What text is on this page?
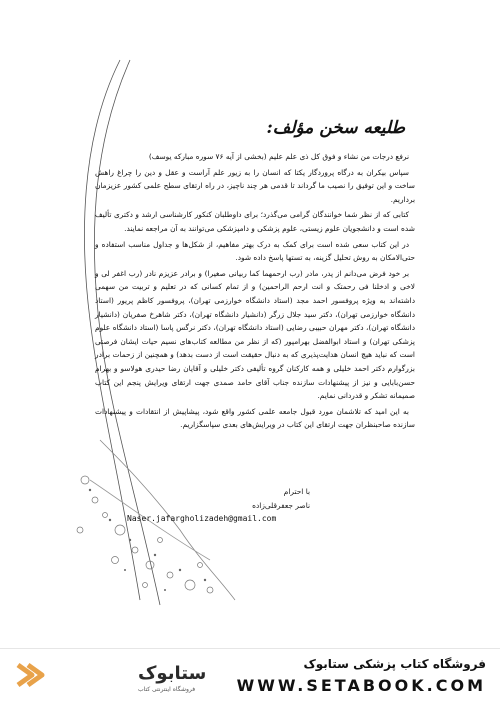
طلیعه سخن مؤلف:

نرفع درجات من نشاء و فوق کل ذی علم علیم (بخشی از آیه ۷۶ سوره مبارکه یوسف)

سپاس بیکران به درگاه پروردگار یکتا که انسان را به زیور علم آراست و عقل و دین را چراغ راهش ساخت و این توفیق را نصیب ما گرداند تا قدمی هر چند ناچیز، در راه ارتقای سطح علمی کشور عزیزمان برداریم.

کتابی که از نظر شما خوانندگان گرامی می‌گذرد؛ برای داوطلبان کنکور کارشناسی ارشد و دکتری تألیف شده است و دانشجویان علوم زیستی، علوم پزشکی و دامپزشکی می‌توانند به آن مراجعه نمایند.

در این کتاب سعی شده است برای کمک به درک بهتر مفاهیم، از شکل‌ها و جداول مناسب استفاده و حتی‌الامکان به روش تحلیل گزینه، به تستها پاسخ داده شود.

بر خود فرض می‌دانم از پدر، مادر (رب ارحمهما کما ربیانی صغیرا) و برادر عزیزم نادر (رب اغفر لی و لاخی و ادخلنا فی رحمتک و انت ارحم الراحمین) و از تمام کسانی که در تعلیم و تربیت من سهمی داشته‌اند به ویژه پروفسور احمد مجد (استاد دانشگاه خوارزمی تهران)، پروفسور کاظم پریور (استاد دانشگاه خوارزمی تهران)، دکتر سید جلال زرگر (دانشیار دانشگاه تهران)، دکتر شاهرخ صفریان (دانشیار دانشگاه تهران)، دکتر مهران حبیبی رضایی (استاد دانشگاه تهران)، دکتر نرگس پاسا (استاد دانشگاه علوم پزشکی تهران) و استاد ابوالفضل بهرامپور (که از نظر من مطالعه کتاب‌های نسیم حیات ایشان فرصتی است که نباید هیچ انسان هدایت‌پذیری که به دنبال حقیقت است از دست بدهد) و همچنین از زحمات برادر بزرگوارم دکتر احمد خلیلی و همه کارکنان گروه تألیفی دکتر خلیلی و آقایان رضا حیدری هولاسو و بهرام حسن‌بابایی و نیز از پیشنهادات سازنده جناب آقای حامد صمدی جهت ارتقای ویرایش پنجم این کتاب صمیمانه تشکر و قدردانی نمایم.

به این امید که تلاشمان مورد قبول جامعه علمی کشور واقع شود، پیشاپیش از انتقادات و پیشنهادات سازنده صاحبنظران جهت ارتقای این کتاب در ویرایش‌های بعدی سپاسگزاریم.

با احترام
ناصر جعفرقلی‌زاده
Naser.jafargholizadeh@gmail.com
ستابوک
فروشگاه اینترنتی کتاب
فروشگاه کتاب پزشکی ستابوک
WWW.SETABOOK.COM
